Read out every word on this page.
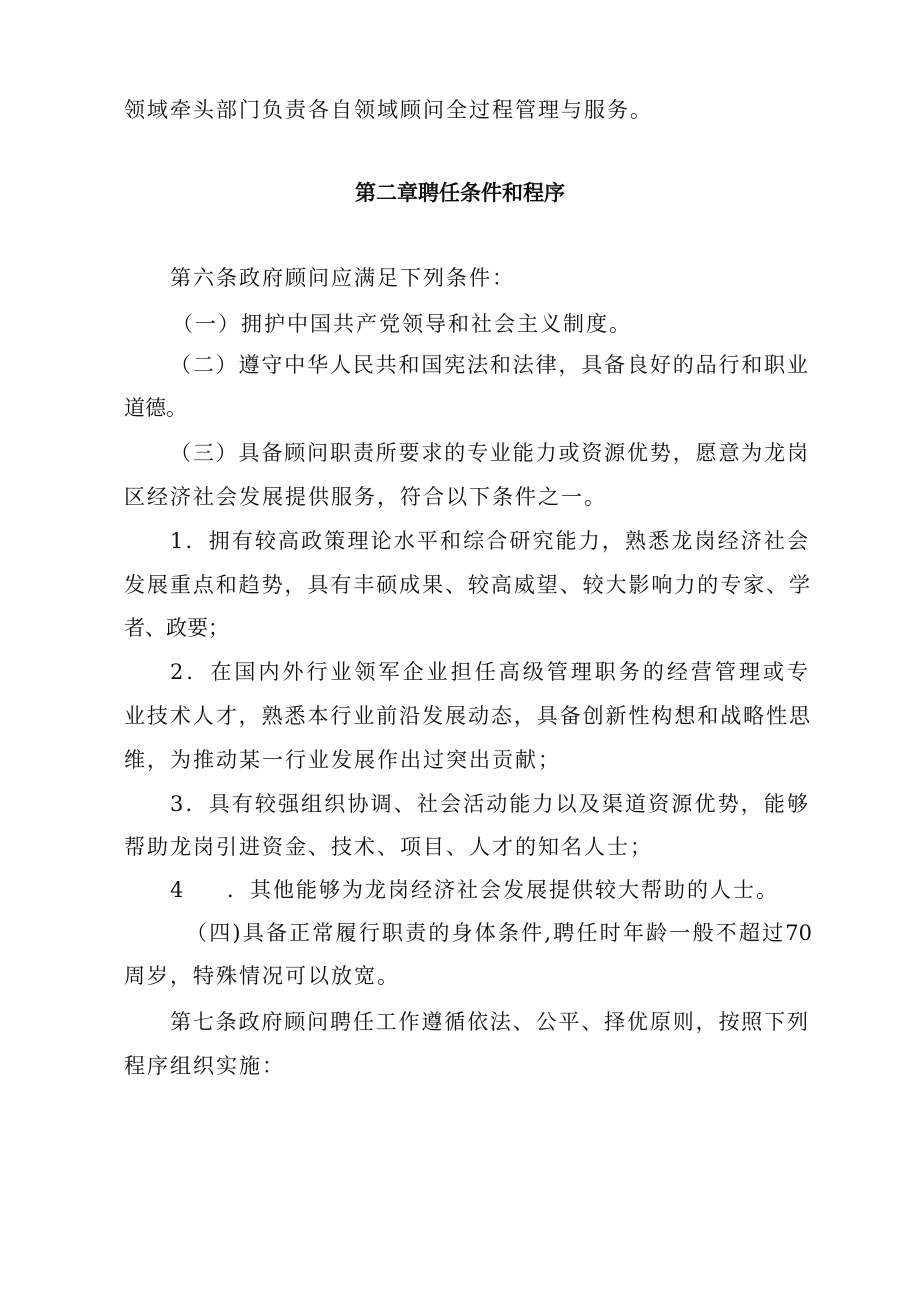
领域牵头部门负责各自领域顾问全过程管理与服务。

第二章聘任条件和程序

第六条政府顾问应满足下列条件：

（一）拥护中国共产党领导和社会主义制度。

（二）遵守中华人民共和国宪法和法律，具备良好的品行和职业

道德。

（三）具备顾问职责所要求的专业能力或资源优势，愿意为龙岗

区经济社会发展提供服务，符合以下条件之一。

1．拥有较高政策理论水平和综合研究能力，熟悉龙岗经济社会

发展重点和趋势，具有丰硕成果、较高威望、较大影响力的专家、学

者、政要；

2．在国内外行业领军企业担任高级管理职务的经营管理或专

业技术人才，熟悉本行业前沿发展动态，具备创新性构想和战略性思

维，为推动某一行业发展作出过突出贡献；

3．具有较强组织协调、社会活动能力以及渠道资源优势，能够

帮助龙岗引进资金、技术、项目、人才的知名人士；

4 ．其他能够为龙岗经济社会发展提供较大帮助的人士。

（四)具备正常履行职责的身体条件,聘任时年龄一般不超过70

周岁，特殊情况可以放宽。

第七条政府顾问聘任工作遵循依法、公平、择优原则，按照下列

程序组织实施：
